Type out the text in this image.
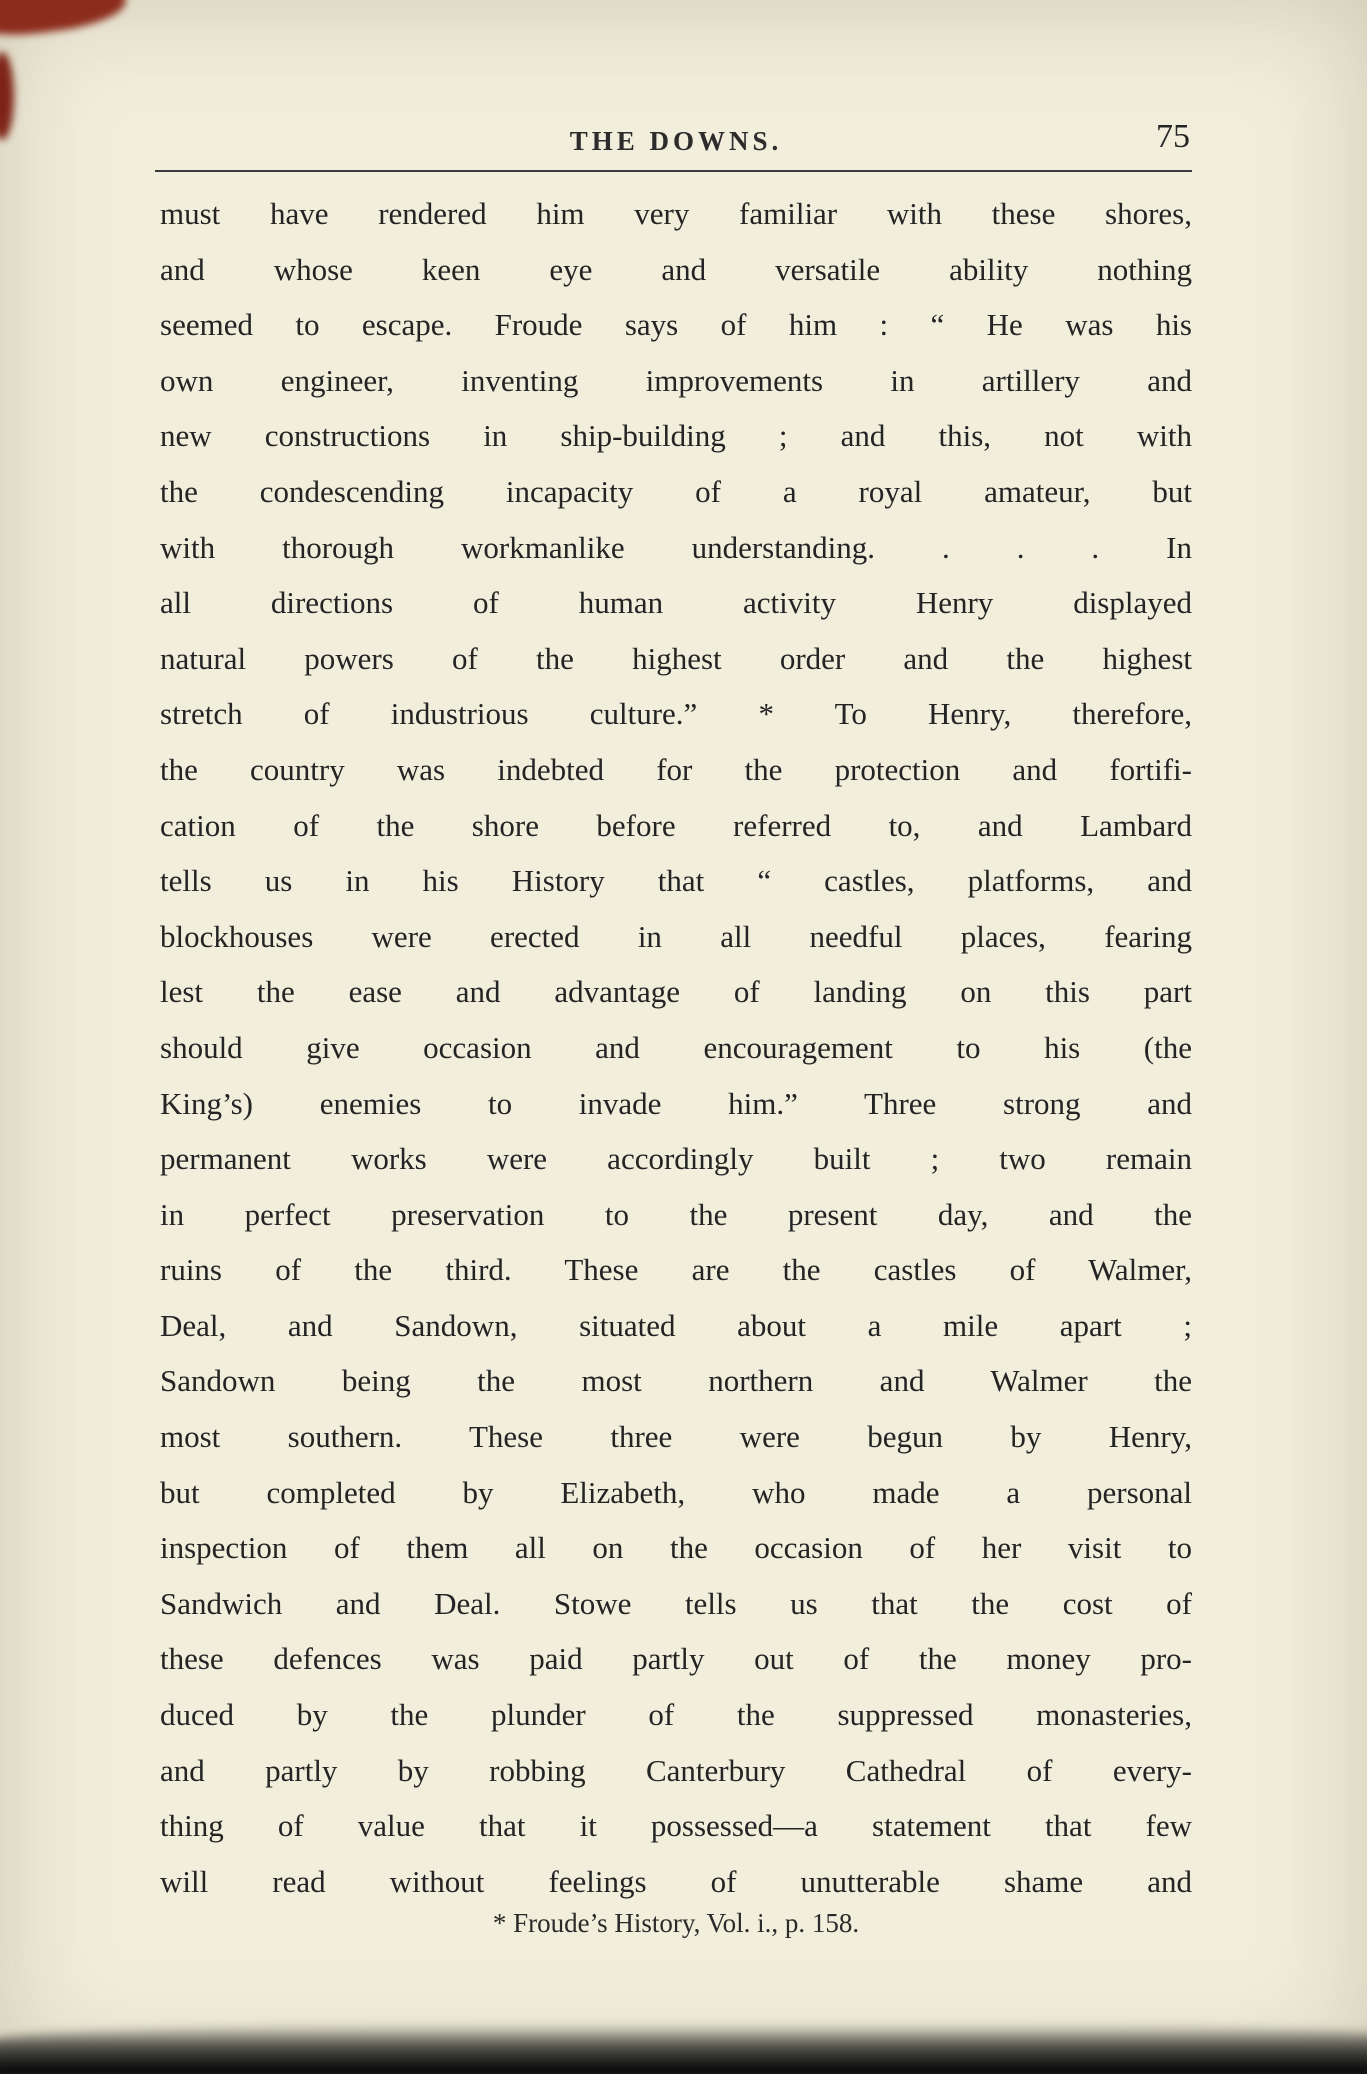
THE DOWNS.	75
must have rendered him very familiar with these shores,
and whose keen eye and versatile ability nothing
seemed to escape. Froude says of him : “ He was his
own engineer, inventing improvements in artillery and
new constructions in ship-building ; and this, not with
the condescending incapacity of a royal amateur, but
with thorough workmanlike understanding. . . . In
all directions of human activity Henry displayed
natural powers of the highest order and the highest
stretch of industrious culture.” * To Henry, therefore,
the country was indebted for the protection and fortifi-
cation of the shore before referred to, and Lambard
tells us in his History that “ castles, platforms, and
blockhouses were erected in all needful places, fearing
lest the ease and advantage of landing on this part
should give occasion and encouragement to his (the
King’s) enemies to invade him.” Three strong and
permanent works were accordingly built ; two remain
in perfect preservation to the present day, and the
ruins of the third. These are the castles of Walmer,
Deal, and Sandown, situated about a mile apart ;
Sandown being the most northern and Walmer the
most southern. These three were begun by Henry,
but completed by Elizabeth, who made a personal
inspection of them all on the occasion of her visit to
Sandwich and Deal. Stowe tells us that the cost of
these defences was paid partly out of the money pro-
duced by the plunder of the suppressed monasteries,
and partly by robbing Canterbury Cathedral of every-
thing of value that it possessed—a statement that few
will read without feelings of unutterable shame and
* Froude’s History, Vol. i., p. 158.
